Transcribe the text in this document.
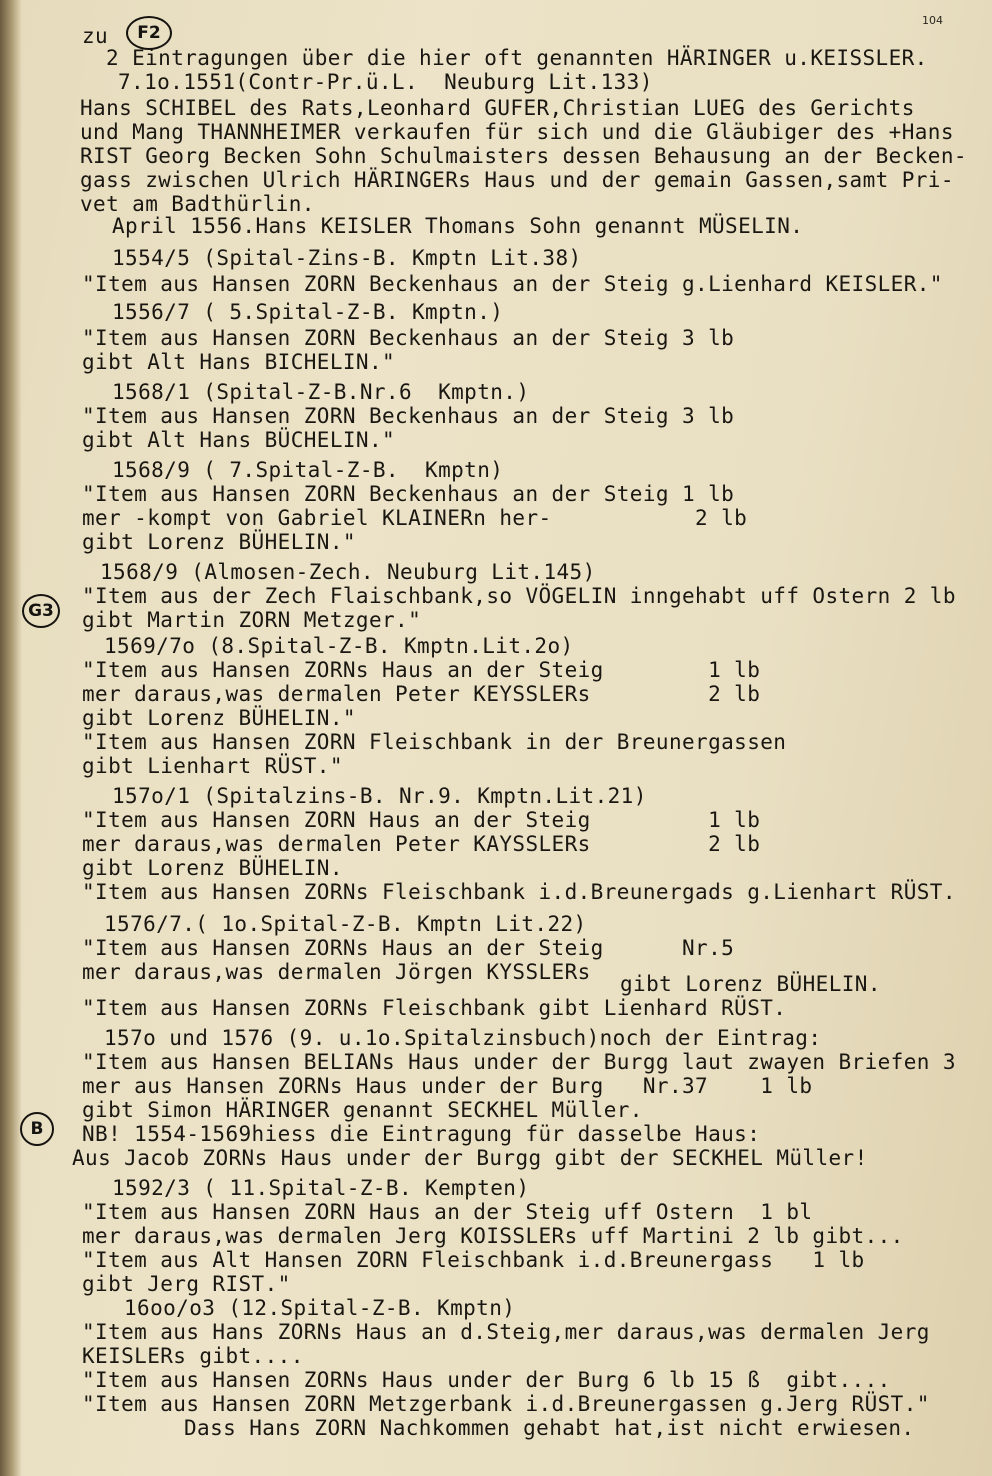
104
zu	F2
G3
B
2 Eintragungen über die hier oft genannten HÄRINGER u.KEISSLER.
7.1o.1551(Contr-Pr.ü.L.  Neuburg Lit.133)
Hans SCHIBEL des Rats,Leonhard GUFER,Christian LUEG des Gerichts
und Mang THANNHEIMER verkaufen für sich und die Gläubiger des +Hans
RIST Georg Becken Sohn Schulmaisters dessen Behausung an der Becken-
gass zwischen Ulrich HÄRINGERs Haus und der gemain Gassen,samt Pri-
vet am Badthürlin.
April 1556.Hans KEISLER Thomans Sohn genannt MÜSELIN.
1554/5 (Spital-Zins-B. Kmptn Lit.38)
"Item aus Hansen ZORN Beckenhaus an der Steig g.Lienhard KEISLER."
1556/7 ( 5.Spital-Z-B. Kmptn.)
"Item aus Hansen ZORN Beckenhaus an der Steig 3 lb
gibt Alt Hans BICHELIN."
1568/1 (Spital-Z-B.Nr.6  Kmptn.)
"Item aus Hansen ZORN Beckenhaus an der Steig 3 lb
gibt Alt Hans BÜCHELIN."
1568/9 ( 7.Spital-Z-B.  Kmptn)
"Item aus Hansen ZORN Beckenhaus an der Steig 1 lb
mer -kompt von Gabriel KLAINERn her-           2 lb
gibt Lorenz BÜHELIN."
1568/9 (Almosen-Zech. Neuburg Lit.145)
"Item aus der Zech Flaischbank,so VÖGELIN inngehabt uff Ostern 2 lb
gibt Martin ZORN Metzger."
1569/7o (8.Spital-Z-B. Kmptn.Lit.2o)
"Item aus Hansen ZORNs Haus an der Steig        1 lb
mer daraus,was dermalen Peter KEYSSLERs         2 lb
gibt Lorenz BÜHELIN."
"Item aus Hansen ZORN Fleischbank in der Breunergassen
gibt Lienhart RÜST."
157o/1 (Spitalzins-B. Nr.9. Kmptn.Lit.21)
"Item aus Hansen ZORN Haus an der Steig         1 lb
mer daraus,was dermalen Peter KAYSSLERs         2 lb
gibt Lorenz BÜHELIN.
"Item aus Hansen ZORNs Fleischbank i.d.Breunergads g.Lienhart RÜST.
1576/7.( 1o.Spital-Z-B. Kmptn Lit.22)
"Item aus Hansen ZORNs Haus an der Steig      Nr.5
mer daraus,was dermalen Jörgen KYSSLERs gibt Lorenz BÜHELIN.
"Item aus Hansen ZORNs Fleischbank gibt Lienhard RÜST.
157o und 1576 (9. u.1o.Spitalzinsbuch)noch der Eintrag:
"Item aus Hansen BELIANs Haus under der Burgg laut zwayen Briefen 3
mer aus Hansen ZORNs Haus under der Burg   Nr.37    1 lb
gibt Simon HÄRINGER genannt SECKHEL Müller.
NB! 1554-1569hiess die Eintragung für dasselbe Haus:
Aus Jacob ZORNs Haus under der Burgg gibt der SECKHEL Müller!
1592/3 ( 11.Spital-Z-B. Kempten)
"Item aus Hansen ZORN Haus an der Steig uff Ostern  1 bl
mer daraus,was dermalen Jerg KOISSLERs uff Martini 2 lb gibt...
"Item aus Alt Hansen ZORN Fleischbank i.d.Breunergass   1 lb
gibt Jerg RIST."
16oo/o3 (12.Spital-Z-B. Kmptn)
"Item aus Hans ZORNs Haus an d.Steig,mer daraus,was dermalen Jerg
KEISLERs gibt....
"Item aus Hansen ZORNs Haus under der Burg 6 lb 15 ß  gibt....
"Item aus Hansen ZORN Metzgerbank i.d.Breunergassen g.Jerg RÜST."
Dass Hans ZORN Nachkommen gehabt hat,ist nicht erwiesen.
